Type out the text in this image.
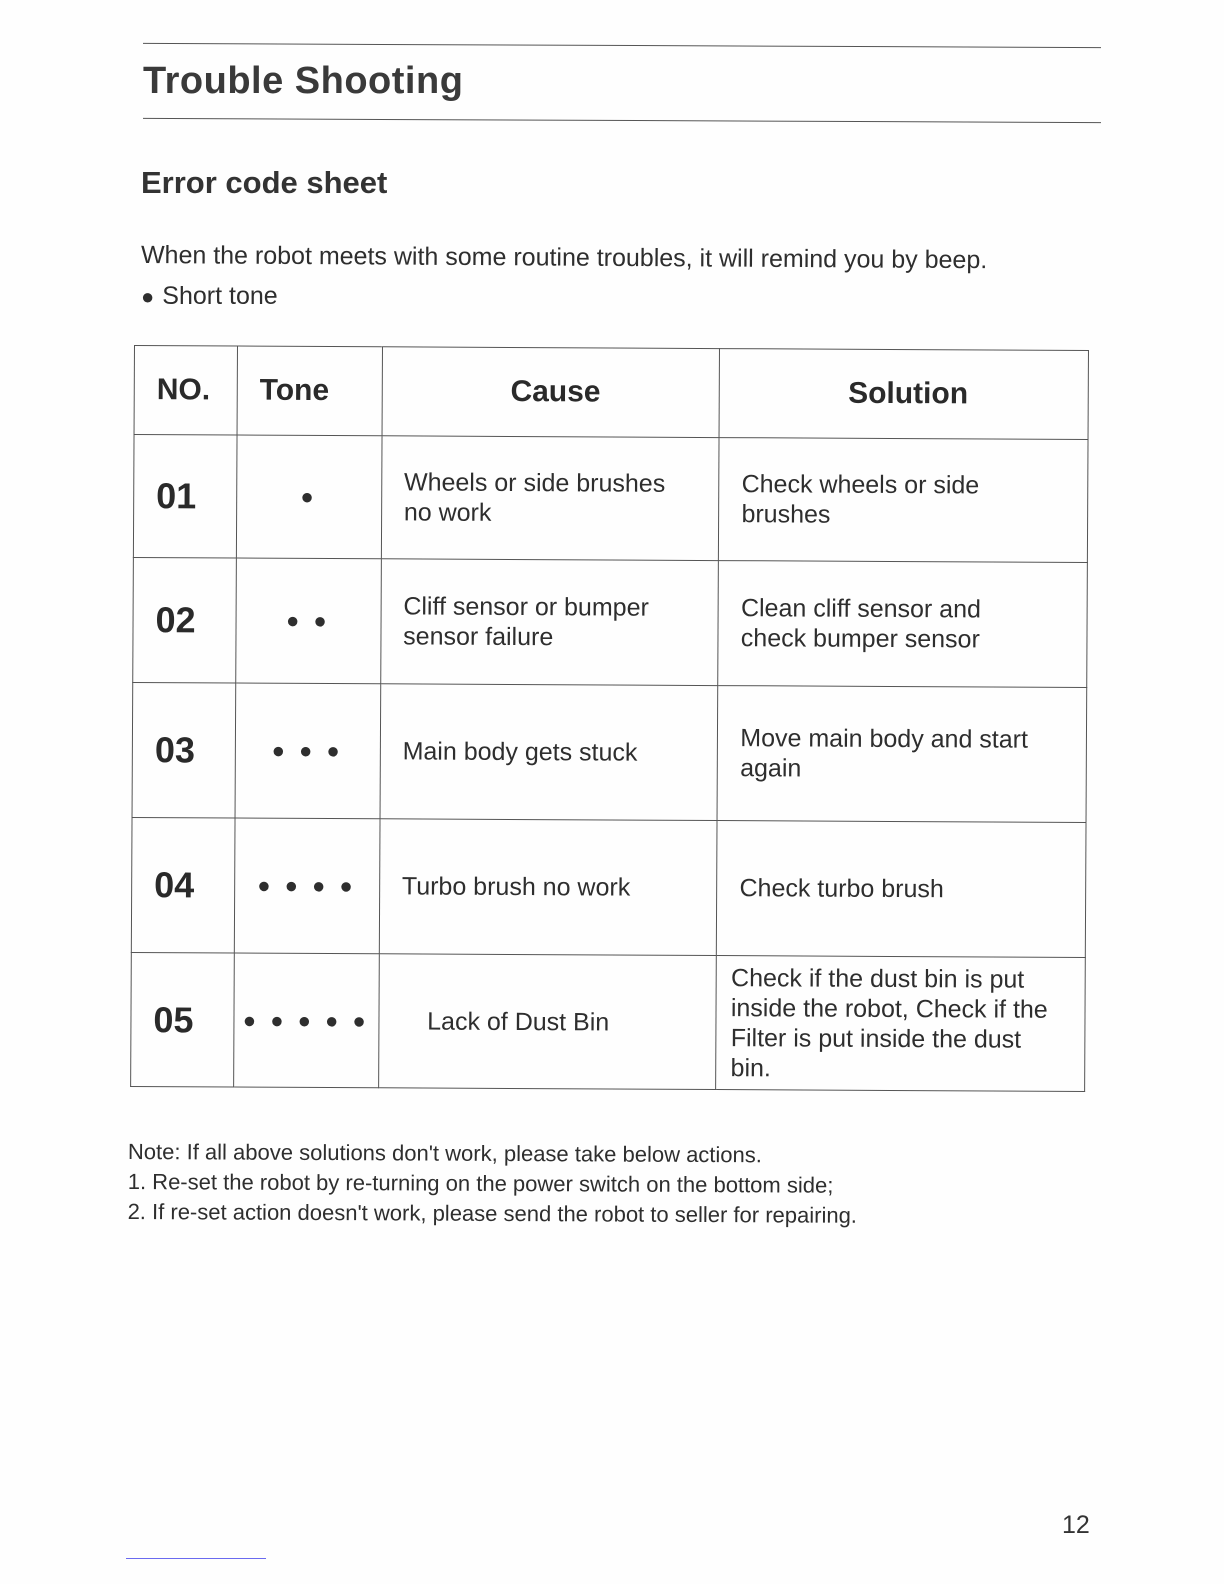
Trouble Shooting
Error code sheet
When the robot meets with some routine troubles, it will remind you by beep.
● Short tone
NO.	Tone	Cause	Solution
01	●	Wheels or side brushes no work	Check wheels or side brushes
02	● ●	Cliff sensor or bumper sensor failure	Clean cliff sensor and check bumper sensor
03	● ● ●	Main body gets stuck	Move main body and start again
04	● ● ● ●	Turbo brush no work	Check turbo brush
05	● ● ● ● ●	Lack of Dust Bin	Check if the dust bin is put inside the robot, Check if the Filter is put inside the dust bin.
Note: If all above solutions don't work, please take below actions.
1. Re-set the robot by re-turning on the power switch on the bottom side;
2. If re-set action doesn't work, please send the robot to seller for repairing.
12
